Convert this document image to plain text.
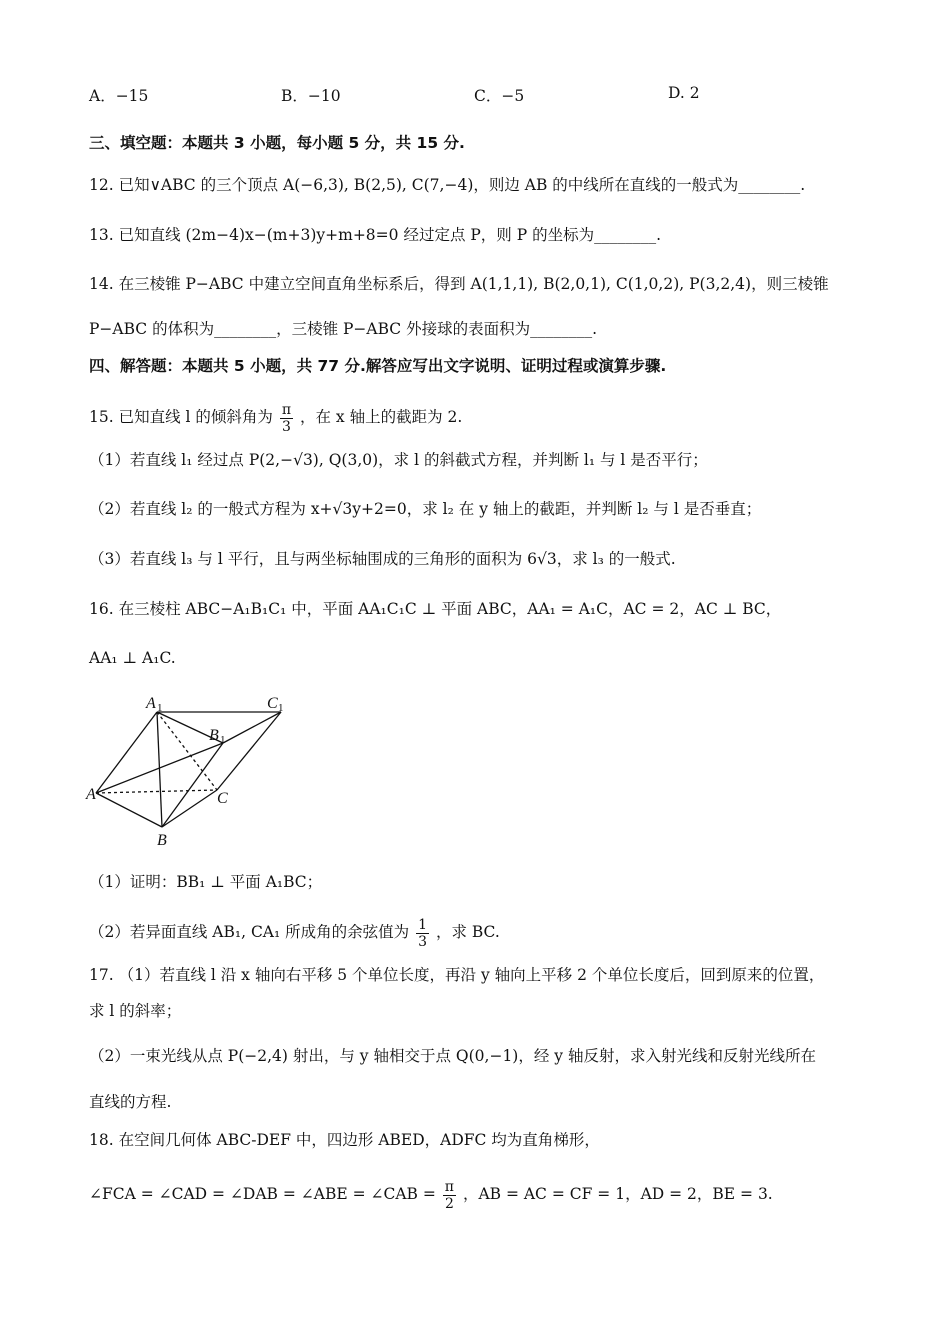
A．−15	B．−10	C．−5	D. 2
三、填空题：本题共 3 小题，每小题 5 分，共 15 分.
12. 已知∨ABC 的三个顶点 A(−6,3), B(2,5), C(7,−4)，则边 AB 的中线所在直线的一般式为________.
13. 已知直线 (2m−4)x−(m+3)y+m+8=0 经过定点 P，则 P 的坐标为________.
14. 在三棱锥 P−ABC 中建立空间直角坐标系后，得到 A(1,1,1), B(2,0,1), C(1,0,2), P(3,2,4)，则三棱锥
P−ABC 的体积为________，三棱锥 P−ABC 外接球的表面积为________.
四、解答题：本题共 5 小题，共 77 分.解答应写出文字说明、证明过程或演算步骤.
15. 已知直线 l 的倾斜角为 $\frac{\pi}{3}$ ，在 x 轴上的截距为 2.
（1）若直线 l₁ 经过点 P(2,−√3), Q(3,0)，求 l 的斜截式方程，并判断 l₁ 与 l 是否平行；
（2）若直线 l₂ 的一般式方程为 x+√3y+2=0，求 l₂ 在 y 轴上的截距，并判断 l₂ 与 l 是否垂直；
（3）若直线 l₃ 与 l 平行，且与两坐标轴围成的三角形的面积为 6√3，求 l₃ 的一般式.
16. 在三棱柱 ABC−A₁B₁C₁ 中，平面 AA₁C₁C ⊥ 平面 ABC，AA₁ = A₁C，AC = 2，AC ⊥ BC，
AA₁ ⊥ A₁C.
A 1	C 1
B 1
A	C
B
（1）证明：BB₁ ⊥ 平面 A₁BC；
（2）若异面直线 AB₁, CA₁ 所成角的余弦值为 $\frac{1}{3}$ ，求 BC.
17. （1）若直线 l 沿 x 轴向右平移 5 个单位长度，再沿 y 轴向上平移 2 个单位长度后，回到原来的位置，
求 l 的斜率；
（2）一束光线从点 P(−2,4) 射出，与 y 轴相交于点 Q(0,−1)，经 y 轴反射，求入射光线和反射光线所在
直线的方程.
18. 在空间几何体 ABC-DEF 中，四边形 ABED，ADFC 均为直角梯形，
∠FCA = ∠CAD = ∠DAB = ∠ABE = ∠CAB = $\frac{\pi}{2}$ ，AB = AC = CF = 1，AD = 2，BE = 3.
